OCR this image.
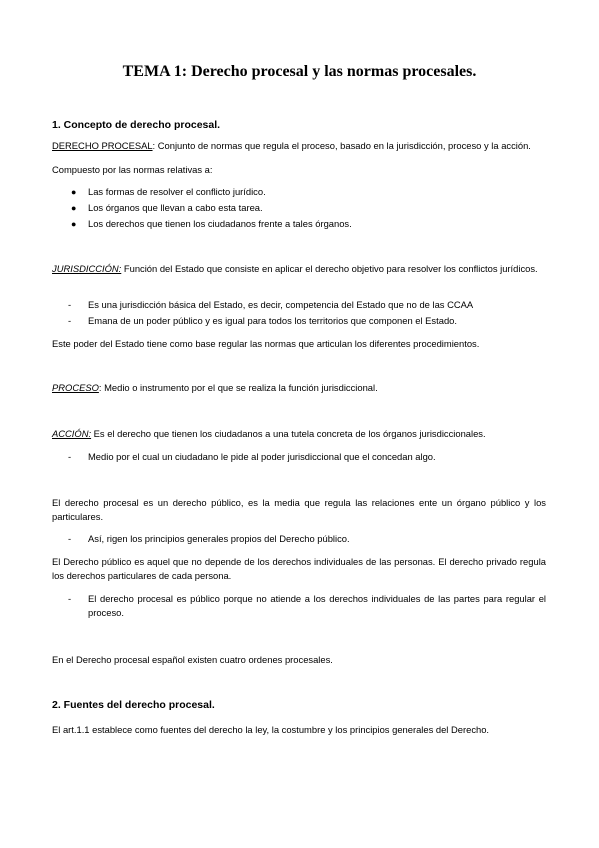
TEMA 1: Derecho procesal y las normas procesales.
1. Concepto de derecho procesal.

DERECHO PROCESAL: Conjunto de normas que regula el proceso, basado en la jurisdicción, proceso y la acción.

Compuesto por las normas relativas a:

● Las formas de resolver el conflicto jurídico.
● Los órganos que llevan a cabo esta tarea.
● Los derechos que tienen los ciudadanos frente a tales órganos.

JURISDICCIÓN: Función del Estado que consiste en aplicar el derecho objetivo para resolver los conflictos jurídicos.

- Es una jurisdicción básica del Estado, es decir, competencia del Estado que no de las CCAA
- Emana de un poder público y es igual para todos los territorios que componen el Estado.

Este poder del Estado tiene como base regular las normas que articulan los diferentes procedimientos.

PROCESO: Medio o instrumento por el que se realiza la función jurisdiccional.

ACCIÓN: Es el derecho que tienen los ciudadanos a una tutela concreta de los órganos jurisdiccionales.

- Medio por el cual un ciudadano le pide al poder jurisdiccional que el concedan algo.

El derecho procesal es un derecho público, es la media que regula las relaciones ente un órgano público y los particulares.

- Así, rigen los principios generales propios del Derecho público.

El Derecho público es aquel que no depende de los derechos individuales de las personas. El derecho privado regula los derechos particulares de cada persona.

- El derecho procesal es público porque no atiende a los derechos individuales de las partes para regular el proceso.

En el Derecho procesal español existen cuatro ordenes procesales.

2. Fuentes del derecho procesal.

El art.1.1 establece como fuentes del derecho la ley, la costumbre y los principios generales del Derecho.
